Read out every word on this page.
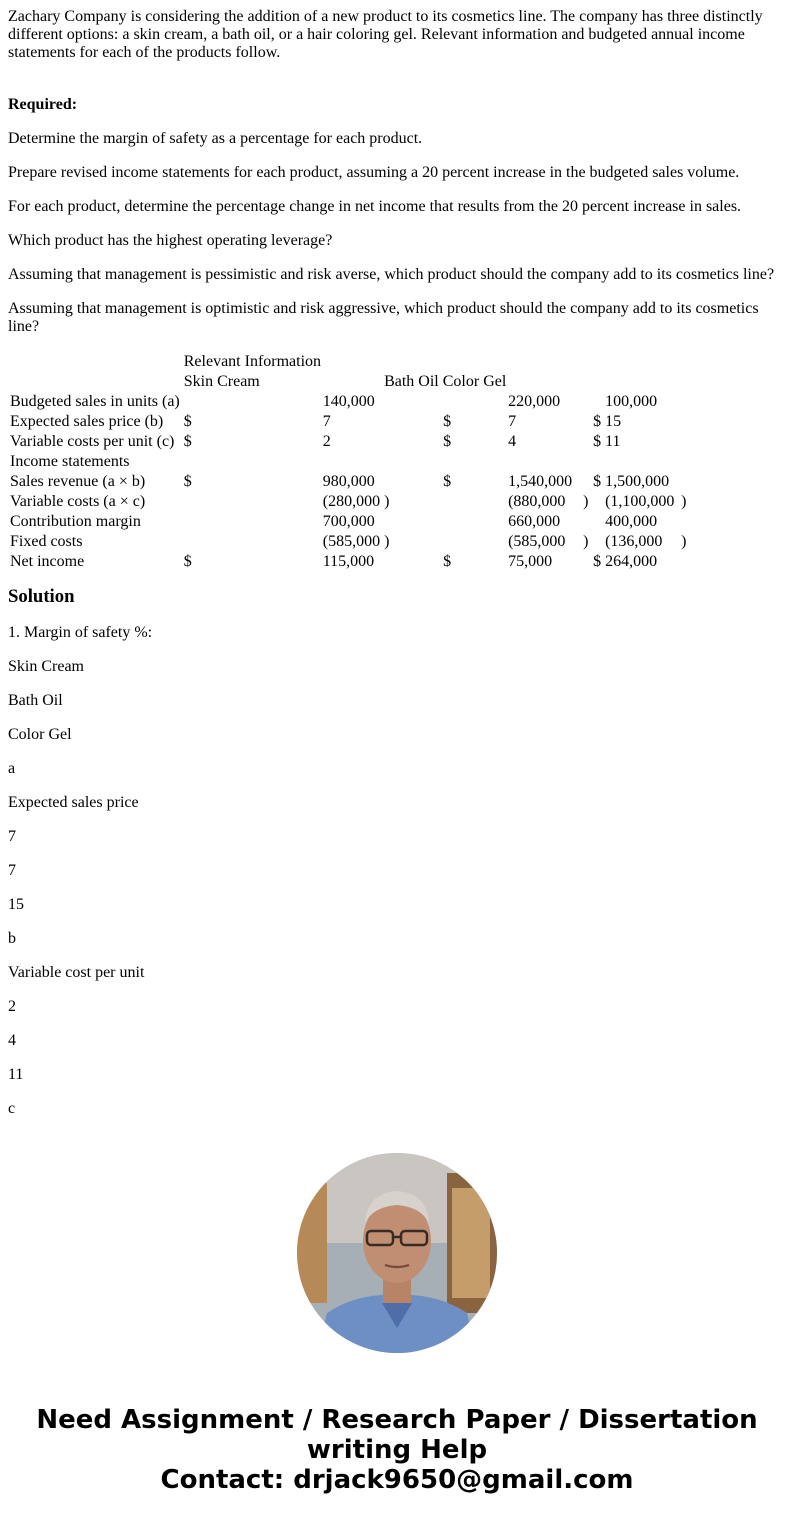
Zachary Company is considering the addition of a new product to its cosmetics line. The company has three distinctly different options: a skin cream, a bath oil, or a hair coloring gel. Relevant information and budgeted annual income statements for each of the products follow.

Required:

Determine the margin of safety as a percentage for each product.

Prepare revised income statements for each product, assuming a 20 percent increase in the budgeted sales volume.

For each product, determine the percentage change in net income that results from the 20 percent increase in sales.

Which product has the highest operating leverage?

Assuming that management is pessimistic and risk averse, which product should the company add to its cosmetics line?

Assuming that management is optimistic and risk aggressive, which product should the company add to its cosmetics line?

	Relevant Information								
	Skin Cream		Bath Oil Color Gel						
Budgeted sales in units (a)		140,000			220,000			100,000	
Expected sales price (b)	$	7		$	7		$	15	
Variable costs per unit (c)	$	2		$	4		$	11	
Income statements									
Sales revenue (a × b)	$	980,000		$	1,540,000		$	1,500,000	
Variable costs (a × c)		(280,000	)		(880,000	)		(1,100,000	)
Contribution margin		700,000			660,000			400,000	
Fixed costs		(585,000	)		(585,000	)		(136,000	)
Net income	$	115,000		$	75,000		$	264,000	
Solution

1. Margin of safety %:

Skin Cream

Bath Oil

Color Gel

a

Expected sales price

7

7

15

b

Variable cost per unit

2

4

11

c

Need Assignment / Research Paper / Dissertation
writing Help
Contact: drjack9650@gmail.com
